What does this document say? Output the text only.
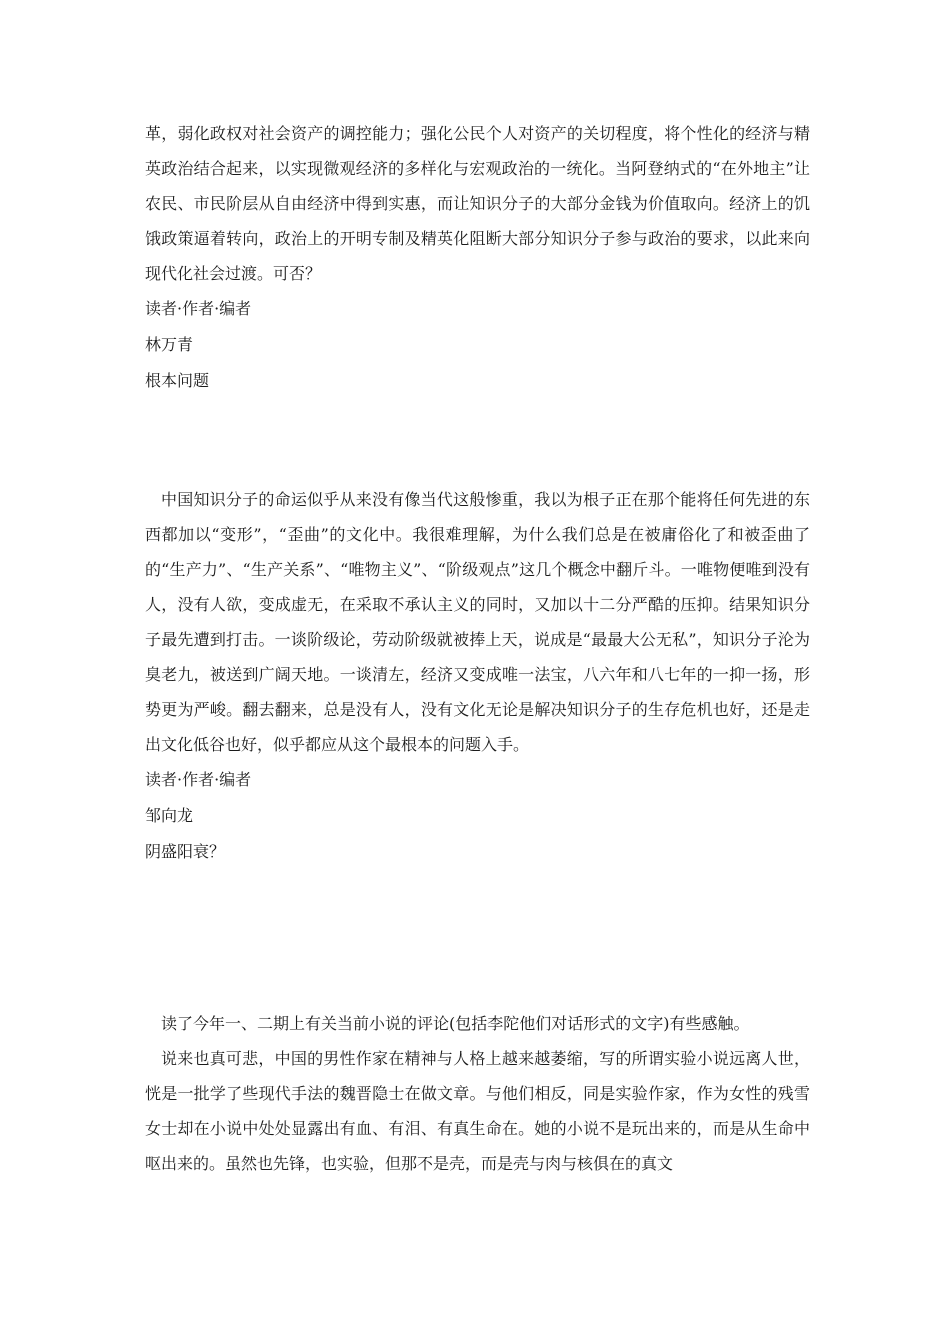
革，弱化政权对社会资产的调控能力；强化公民个人对资产的关切程度，将个性化的经济与精英政治结合起来，以实现微观经济的多样化与宏观政治的一统化。当阿登纳式的“在外地主”让农民、市民阶层从自由经济中得到实惠，而让知识分子的大部分金钱为价值取向。经济上的饥饿政策逼着转向，政治上的开明专制及精英化阻断大部分知识分子参与政治的要求，以此来向现代化社会过渡。可否？

读者·作者·编者

林万青

根本问题

中国知识分子的命运似乎从来没有像当代这般惨重，我以为根子正在那个能将任何先进的东西都加以“变形”，“歪曲”的文化中。我很难理解，为什么我们总是在被庸俗化了和被歪曲了的“生产力”、“生产关系”、“唯物主义”、“阶级观点”这几个概念中翻斤斗。一唯物便唯到没有人，没有人欲，变成虚无，在采取不承认主义的同时，又加以十二分严酷的压抑。结果知识分子最先遭到打击。一谈阶级论，劳动阶级就被捧上天，说成是“最最大公无私”，知识分子沦为臭老九，被送到广阔天地。一谈清左，经济又变成唯一法宝，八六年和八七年的一抑一扬，形势更为严峻。翻去翻来，总是没有人，没有文化无论是解决知识分子的生存危机也好，还是走出文化低谷也好，似乎都应从这个最根本的问题入手。

读者·作者·编者

邹向龙

阴盛阳衰？

读了今年一、二期上有关当前小说的评论(包括李陀他们对话形式的文字)有些感触。

说来也真可悲，中国的男性作家在精神与人格上越来越萎缩，写的所谓实验小说远离人世，恍是一批学了些现代手法的魏晋隐士在做文章。与他们相反，同是实验作家，作为女性的残雪女士却在小说中处处显露出有血、有泪、有真生命在。她的小说不是玩出来的，而是从生命中呕出来的。虽然也先锋，也实验，但那不是壳，而是壳与肉与核俱在的真文
